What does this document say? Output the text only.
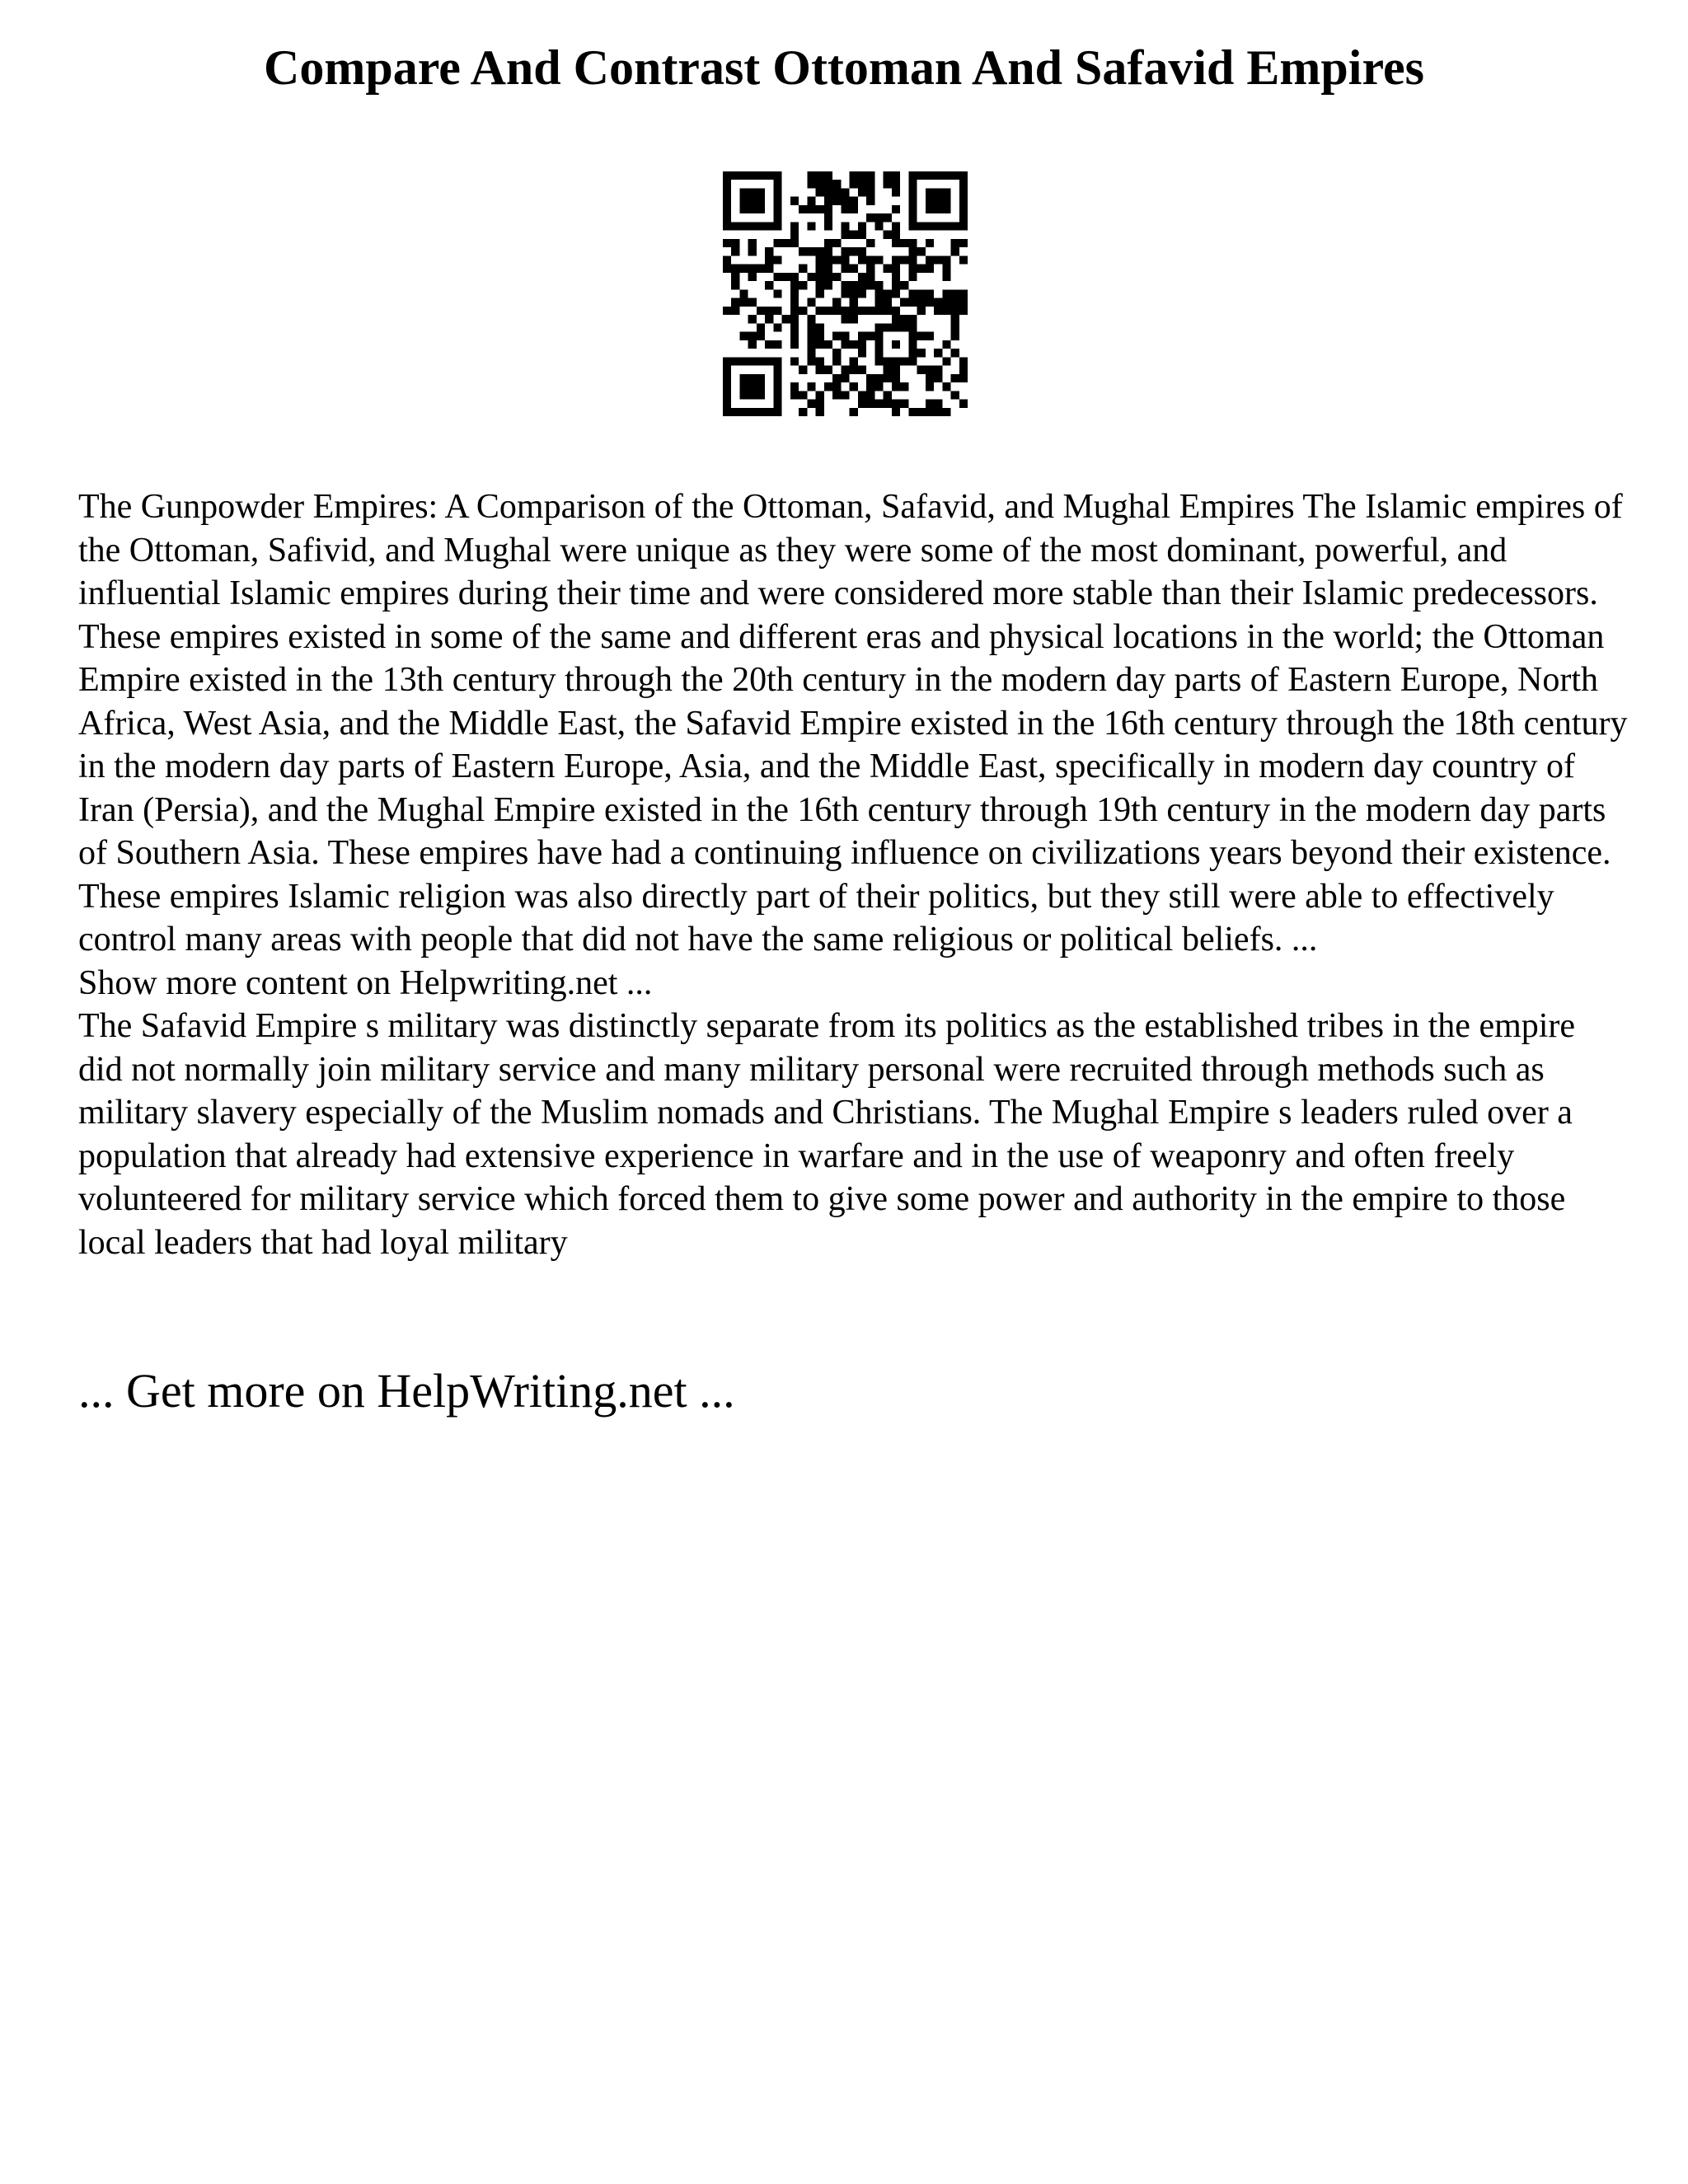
Compare And Contrast Ottoman And Safavid Empires

The Gunpowder Empires: A Comparison of the Ottoman, Safavid, and Mughal Empires The Islamic empires of the Ottoman, Safivid, and Mughal were unique as they were some of the most dominant, powerful, and influential Islamic empires during their time and were considered more stable than their Islamic predecessors. These empires existed in some of the same and different eras and physical locations in the world; the Ottoman Empire existed in the 13th century through the 20th century in the modern day parts of Eastern Europe, North Africa, West Asia, and the Middle East, the Safavid Empire existed in the 16th century through the 18th century in the modern day parts of Eastern Europe, Asia, and the Middle East, specifically in modern day country of Iran (Persia), and the Mughal Empire existed in the 16th century through 19th century in the modern day parts of Southern Asia. These empires have had a continuing influence on civilizations years beyond their existence. These empires Islamic religion was also directly part of their politics, but they still were able to effectively control many areas with people that did not have the same religious or political beliefs. ...

Show more content on Helpwriting.net ...

The Safavid Empire s military was distinctly separate from its politics as the established tribes in the empire did not normally join military service and many military personal were recruited through methods such as military slavery especially of the Muslim nomads and Christians. The Mughal Empire s leaders ruled over a population that already had extensive experience in warfare and in the use of weaponry and often freely volunteered for military service which forced them to give some power and authority in the empire to those local leaders that had loyal military

... Get more on HelpWriting.net ...
